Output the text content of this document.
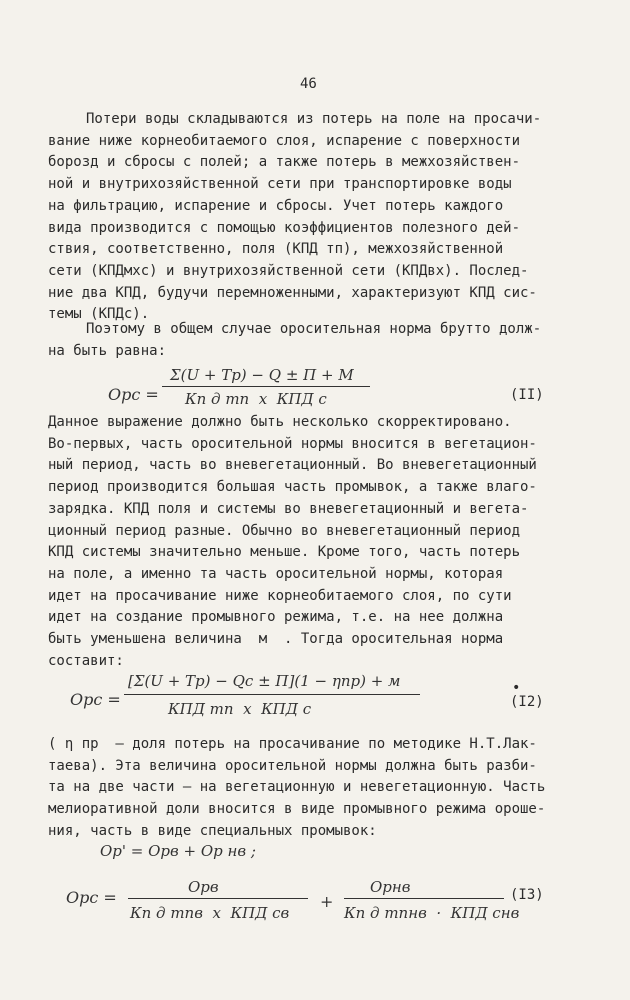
46
Потери воды складываются из потерь на поле на просачи-
вание ниже корнеобитаемого слоя, испарение с поверхности
борозд и сбросы с полей; а также потерь в межхозяйствен-
ной и внутрихозяйственной сети при транспортировке воды
на фильтрацию, испарение и сбросы. Учет потерь каждого
вида производится с помощью коэффициентов полезного дей-
ствия, соответственно, поля (КПД тп), межхозяйственной
сети (КПДмхс) и внутрихозяйственной сети (КПДвх). Послед-
ние два КПД, будучи перемноженными, характеризуют КПД сис-
темы (КПДс).
Поэтому в общем случае оросительная норма брутто долж-
на быть равна:
Орс =
Σ(U + Tp) − Q ± П + M
Кп д тп  x  КПД с	(II)
Данное выражение должно быть несколько скорректировано.
Во-первых, часть оросительной нормы вносится в вегетацион-
ный период, часть во вневегетационный. Во вневегетационный
период производится большая часть промывок, а также влаго-
зарядка. КПД поля и системы во вневегетационный и вегета-
ционный период разные. Обычно во вневегетационный период
КПД системы значительно меньше. Кроме того, часть потерь
на поле, а именно та часть оросительной нормы, которая
идет на просачивание ниже корнеобитаемого слоя, по сути
идет на создание промывного режима, т.е. на нее должна
быть уменьшена величина  м  . Тогда оросительная норма
составит:
Орс =
[Σ(U + Tp) − Qc ± П](1 − ηпр) + м
КПД тп  x  КПД с
•
(I2)
( η пр  – доля потерь на просачивание по методике Н.Т.Лак-
таева). Эта величина оросительной нормы должна быть разби-
та на две части – на вегетационную и невегетационную. Часть
мелиоративной доли вносится в виде промывного режима ороше-
ния, часть в виде специальных промывок:
Ор' = Орв + Ор нв ;
Орс =
Орв
Кп д тпв  x  КПД св
+
Орнв
Кп д тпнв  ·  КПД снв
(I3)
